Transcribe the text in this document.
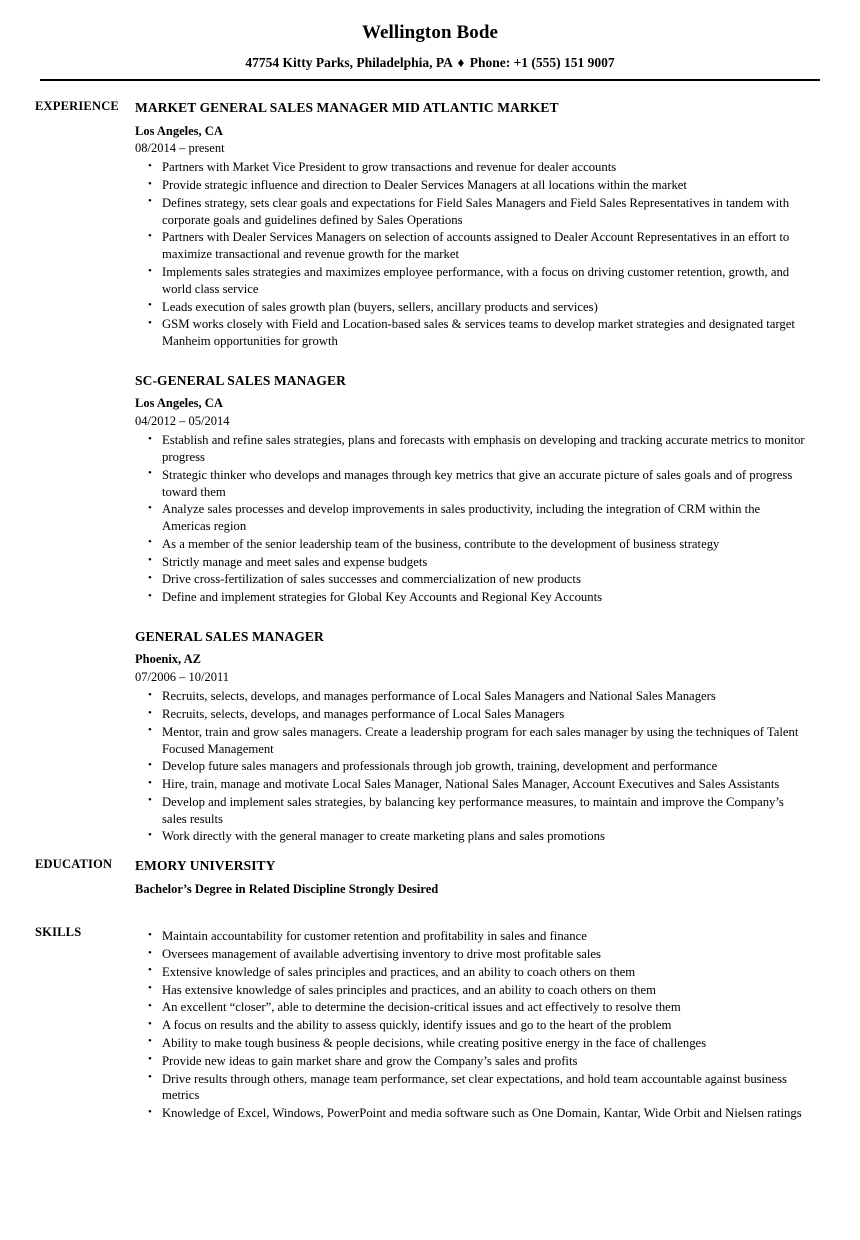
Wellington Bode
47754 Kitty Parks, Philadelphia, PA ♦ Phone: +1 (555) 151 9007
EXPERIENCE	MARKET GENERAL SALES MANAGER MID ATLANTIC MARKET
Los Angeles, CA
08/2014 – present
• Partners with Market Vice President to grow transactions and revenue for dealer accounts
• Provide strategic influence and direction to Dealer Services Managers at all locations within the market
• Defines strategy, sets clear goals and expectations for Field Sales Managers and Field Sales Representatives in tandem with corporate goals and guidelines defined by Sales Operations
• Partners with Dealer Services Managers on selection of accounts assigned to Dealer Account Representatives in an effort to maximize transactional and revenue growth for the market
• Implements sales strategies and maximizes employee performance, with a focus on driving customer retention, growth, and world class service
• Leads execution of sales growth plan (buyers, sellers, ancillary products and services)
• GSM works closely with Field and Location-based sales & services teams to develop market strategies and designated target Manheim opportunities for growth
SC-GENERAL SALES MANAGER
Los Angeles, CA
04/2012 – 05/2014
• Establish and refine sales strategies, plans and forecasts with emphasis on developing and tracking accurate metrics to monitor progress
• Strategic thinker who develops and manages through key metrics that give an accurate picture of sales goals and of progress toward them
• Analyze sales processes and develop improvements in sales productivity, including the integration of CRM within the Americas region
• As a member of the senior leadership team of the business, contribute to the development of business strategy
• Strictly manage and meet sales and expense budgets
• Drive cross-fertilization of sales successes and commercialization of new products
• Define and implement strategies for Global Key Accounts and Regional Key Accounts
GENERAL SALES MANAGER
Phoenix, AZ
07/2006 – 10/2011
• Recruits, selects, develops, and manages performance of Local Sales Managers and National Sales Managers
• Recruits, selects, develops, and manages performance of Local Sales Managers
• Mentor, train and grow sales managers. Create a leadership program for each sales manager by using the techniques of Talent Focused Management
• Develop future sales managers and professionals through job growth, training, development and performance
• Hire, train, manage and motivate Local Sales Manager, National Sales Manager, Account Executives and Sales Assistants
• Develop and implement sales strategies, by balancing key performance measures, to maintain and improve the Company’s sales results
• Work directly with the general manager to create marketing plans and sales promotions
EDUCATION	EMORY UNIVERSITY
Bachelor’s Degree in Related Discipline Strongly Desired
SKILLS	• Maintain accountability for customer retention and profitability in sales and finance
• Oversees management of available advertising inventory to drive most profitable sales
• Extensive knowledge of sales principles and practices, and an ability to coach others on them
• Has extensive knowledge of sales principles and practices, and an ability to coach others on them
• An excellent “closer”, able to determine the decision-critical issues and act effectively to resolve them
• A focus on results and the ability to assess quickly, identify issues and go to the heart of the problem
• Ability to make tough business & people decisions, while creating positive energy in the face of challenges
• Provide new ideas to gain market share and grow the Company’s sales and profits
• Drive results through others, manage team performance, set clear expectations, and hold team accountable against business metrics
• Knowledge of Excel, Windows, PowerPoint and media software such as One Domain, Kantar, Wide Orbit and Nielsen ratings
